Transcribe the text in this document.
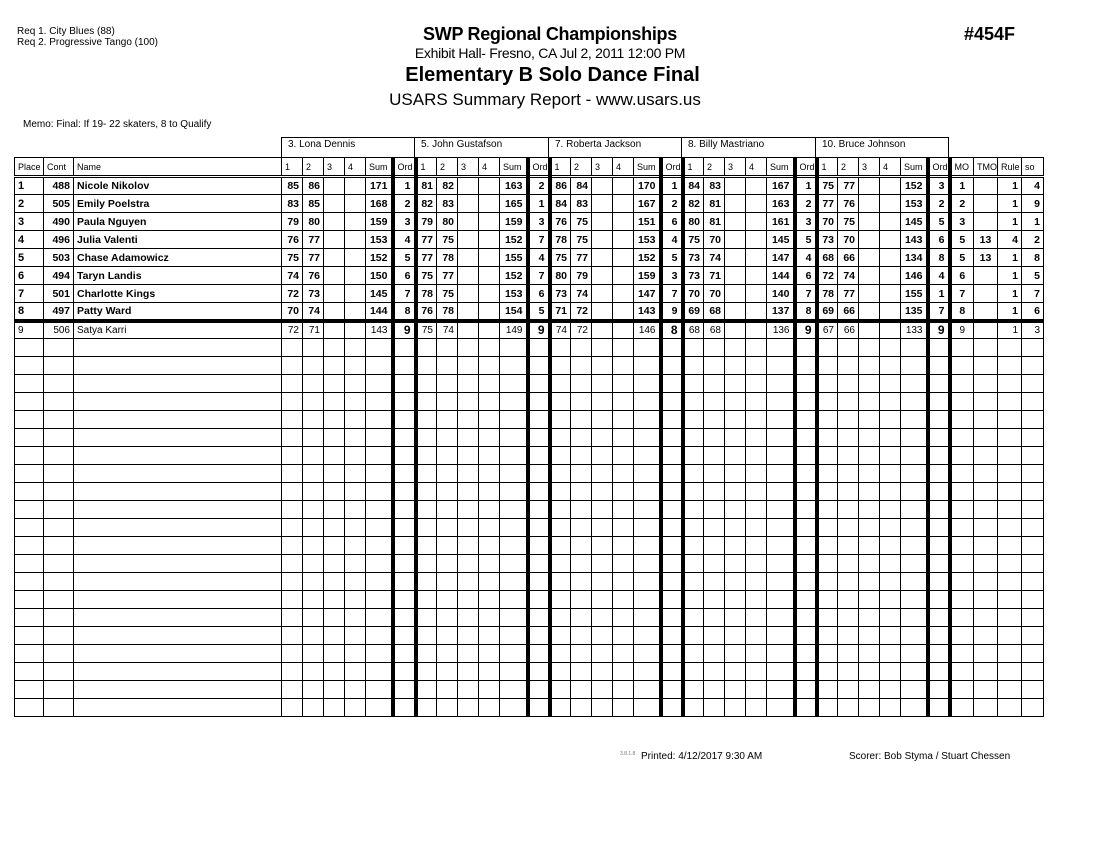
Req 1. City Blues (88)
Req 2. Progressive Tango (100)	SWP Regional Championships
Exhibit Hall- Fresno, CA Jul 2, 2011 12:00 PM
Elementary B Solo Dance Final
USARS Summary Report - www.usars.us
#454F
Memo: Final: If 19- 22 skaters, 8 to Qualify
3. Lona Dennis	5. John Gustafson	7. Roberta Jackson	8. Billy Mastriano	10. Bruce Johnson
Place	Cont	Name	1	2	3	4	Sum	Ord	1	2	3	4	Sum	Ord	1	2	3	4	Sum	Ord	1	2	3	4	Sum	Ord	1	2	3	4	Sum	Ord	MO	TMO	Rule	so
1	488	Nicole Nikolov	85	86			171	1	81	82			163	2	86	84			170	1	84	83			167	1	75	77			152	3	1		1	4
2	505	Emily Poelstra	83	85			168	2	82	83			165	1	84	83			167	2	82	81			163	2	77	76			153	2	2		1	9
3	490	Paula Nguyen	79	80			159	3	79	80			159	3	76	75			151	6	80	81			161	3	70	75			145	5	3		1	1
4	496	Julia Valenti	76	77			153	4	77	75			152	7	78	75			153	4	75	70			145	5	73	70			143	6	5	13	4	2
5	503	Chase Adamowicz	75	77			152	5	77	78			155	4	75	77			152	5	73	74			147	4	68	66			134	8	5	13	1	8
6	494	Taryn Landis	74	76			150	6	75	77			152	7	80	79			159	3	73	71			144	6	72	74			146	4	6		1	5
7	501	Charlotte Kings	72	73			145	7	78	75			153	6	73	74			147	7	70	70			140	7	78	77			155	1	7		1	7
8	497	Patty Ward	70	74			144	8	76	78			154	5	71	72			143	9	69	68			137	8	69	66			135	7	8		1	6
9	506	Satya Karri	72	71			143	9	75	74			149	9	74	72			146	8	68	68			136	9	67	66			133	9	9		1	3

3.8.1.8 Printed: 4/12/2017 9:30 AM	Scorer: Bob Styma / Stuart Chessen
